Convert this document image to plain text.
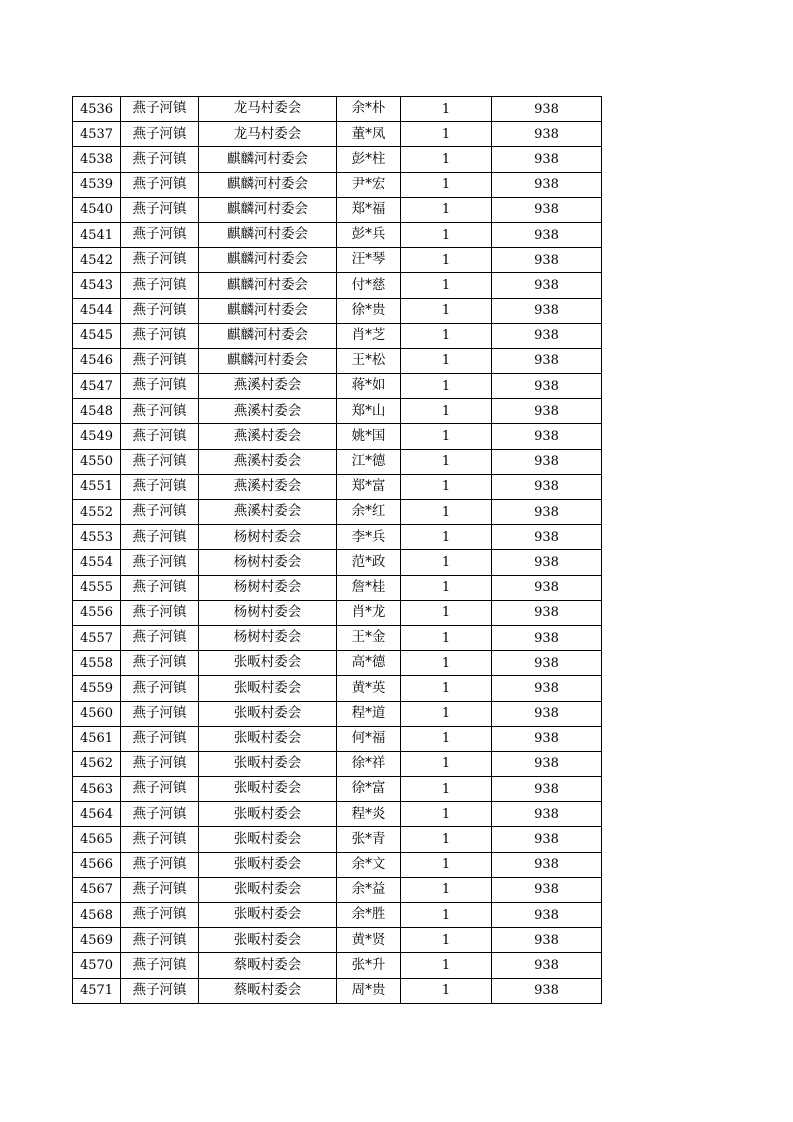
4536	燕子河镇	龙马村委会	余*朴	1	938
4537	燕子河镇	龙马村委会	董*凤	1	938
4538	燕子河镇	麒麟河村委会	彭*柱	1	938
4539	燕子河镇	麒麟河村委会	尹*宏	1	938
4540	燕子河镇	麒麟河村委会	郑*福	1	938
4541	燕子河镇	麒麟河村委会	彭*兵	1	938
4542	燕子河镇	麒麟河村委会	汪*琴	1	938
4543	燕子河镇	麒麟河村委会	付*慈	1	938
4544	燕子河镇	麒麟河村委会	徐*贵	1	938
4545	燕子河镇	麒麟河村委会	肖*芝	1	938
4546	燕子河镇	麒麟河村委会	王*松	1	938
4547	燕子河镇	燕溪村委会	蒋*如	1	938
4548	燕子河镇	燕溪村委会	郑*山	1	938
4549	燕子河镇	燕溪村委会	姚*国	1	938
4550	燕子河镇	燕溪村委会	江*德	1	938
4551	燕子河镇	燕溪村委会	郑*富	1	938
4552	燕子河镇	燕溪村委会	余*红	1	938
4553	燕子河镇	杨树村委会	李*兵	1	938
4554	燕子河镇	杨树村委会	范*政	1	938
4555	燕子河镇	杨树村委会	詹*桂	1	938
4556	燕子河镇	杨树村委会	肖*龙	1	938
4557	燕子河镇	杨树村委会	王*金	1	938
4558	燕子河镇	张畈村委会	高*德	1	938
4559	燕子河镇	张畈村委会	黄*英	1	938
4560	燕子河镇	张畈村委会	程*道	1	938
4561	燕子河镇	张畈村委会	何*福	1	938
4562	燕子河镇	张畈村委会	徐*祥	1	938
4563	燕子河镇	张畈村委会	徐*富	1	938
4564	燕子河镇	张畈村委会	程*炎	1	938
4565	燕子河镇	张畈村委会	张*青	1	938
4566	燕子河镇	张畈村委会	余*文	1	938
4567	燕子河镇	张畈村委会	余*益	1	938
4568	燕子河镇	张畈村委会	余*胜	1	938
4569	燕子河镇	张畈村委会	黄*贤	1	938
4570	燕子河镇	蔡畈村委会	张*升	1	938
4571	燕子河镇	蔡畈村委会	周*贵	1	938
